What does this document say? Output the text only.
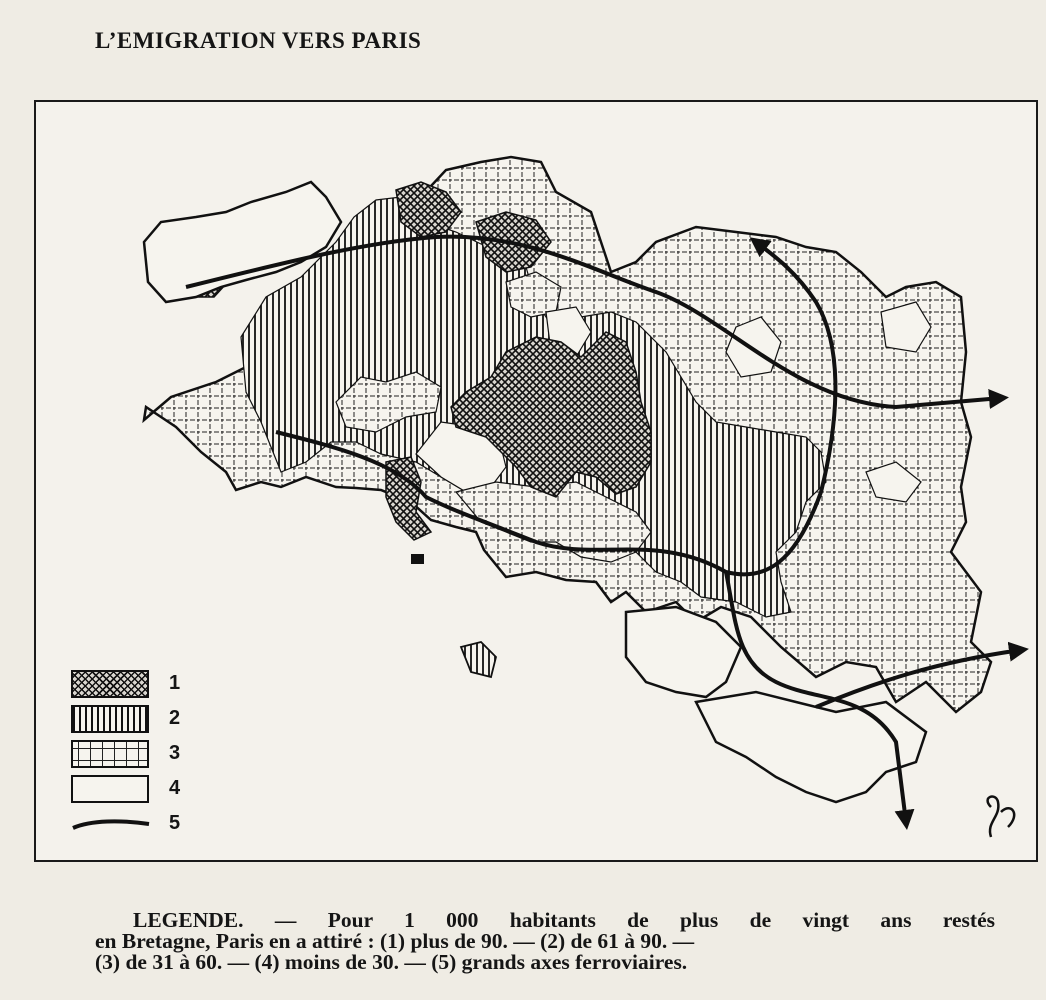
L’EMIGRATION VERS PARIS
1
2
3
4
5
LEGENDE. — Pour 1 000 habitants de plus de vingt ans restés
en Bretagne, Paris en a attiré : (1) plus de 90. — (2) de 61 à 90. —
(3) de 31 à 60. — (4) moins de 30. — (5) grands axes ferroviaires.
